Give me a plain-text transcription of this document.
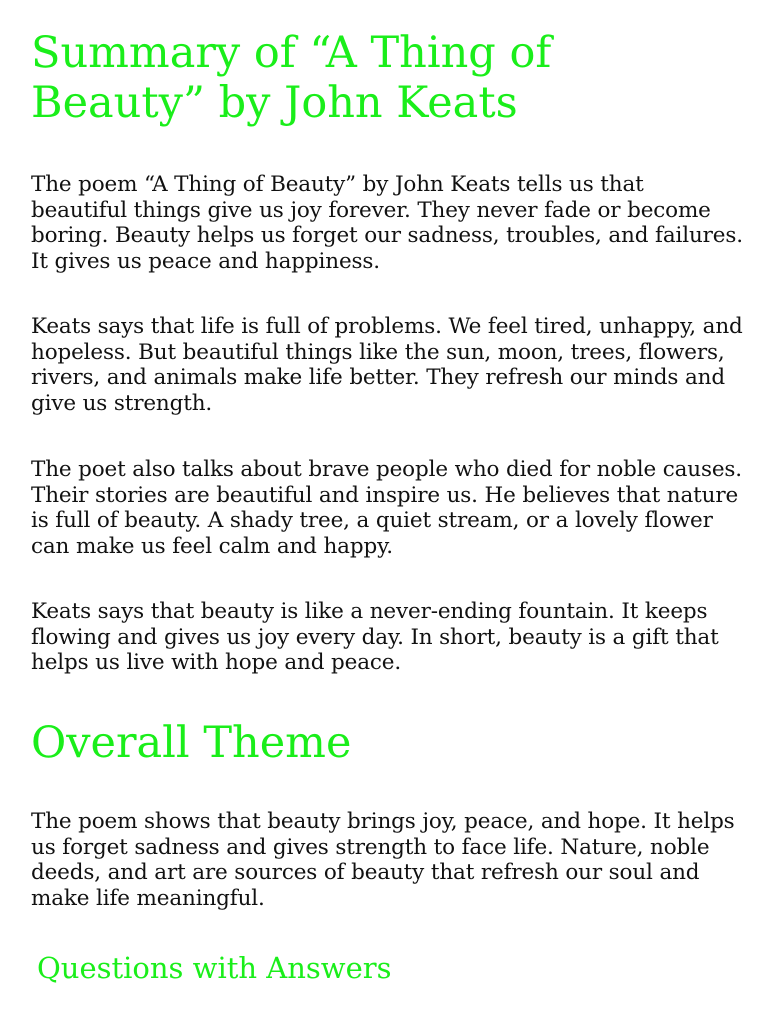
Summary of “A Thing of Beauty” by John Keats

The poem “A Thing of Beauty” by John Keats tells us that beautiful things give us joy forever. They never fade or become boring. Beauty helps us forget our sadness, troubles, and failures. It gives us peace and happiness.

Keats says that life is full of problems. We feel tired, unhappy, and hopeless. But beautiful things like the sun, moon, trees, flowers, rivers, and animals make life better. They refresh our minds and give us strength.

The poet also talks about brave people who died for noble causes. Their stories are beautiful and inspire us. He believes that nature is full of beauty. A shady tree, a quiet stream, or a lovely flower can make us feel calm and happy.

Keats says that beauty is like a never-ending fountain. It keeps flowing and gives us joy every day. In short, beauty is a gift that helps us live with hope and peace.

Overall Theme

The poem shows that beauty brings joy, peace, and hope. It helps us forget sadness and gives strength to face life. Nature, noble deeds, and art are sources of beauty that refresh our soul and make life meaningful.

Questions with Answers
